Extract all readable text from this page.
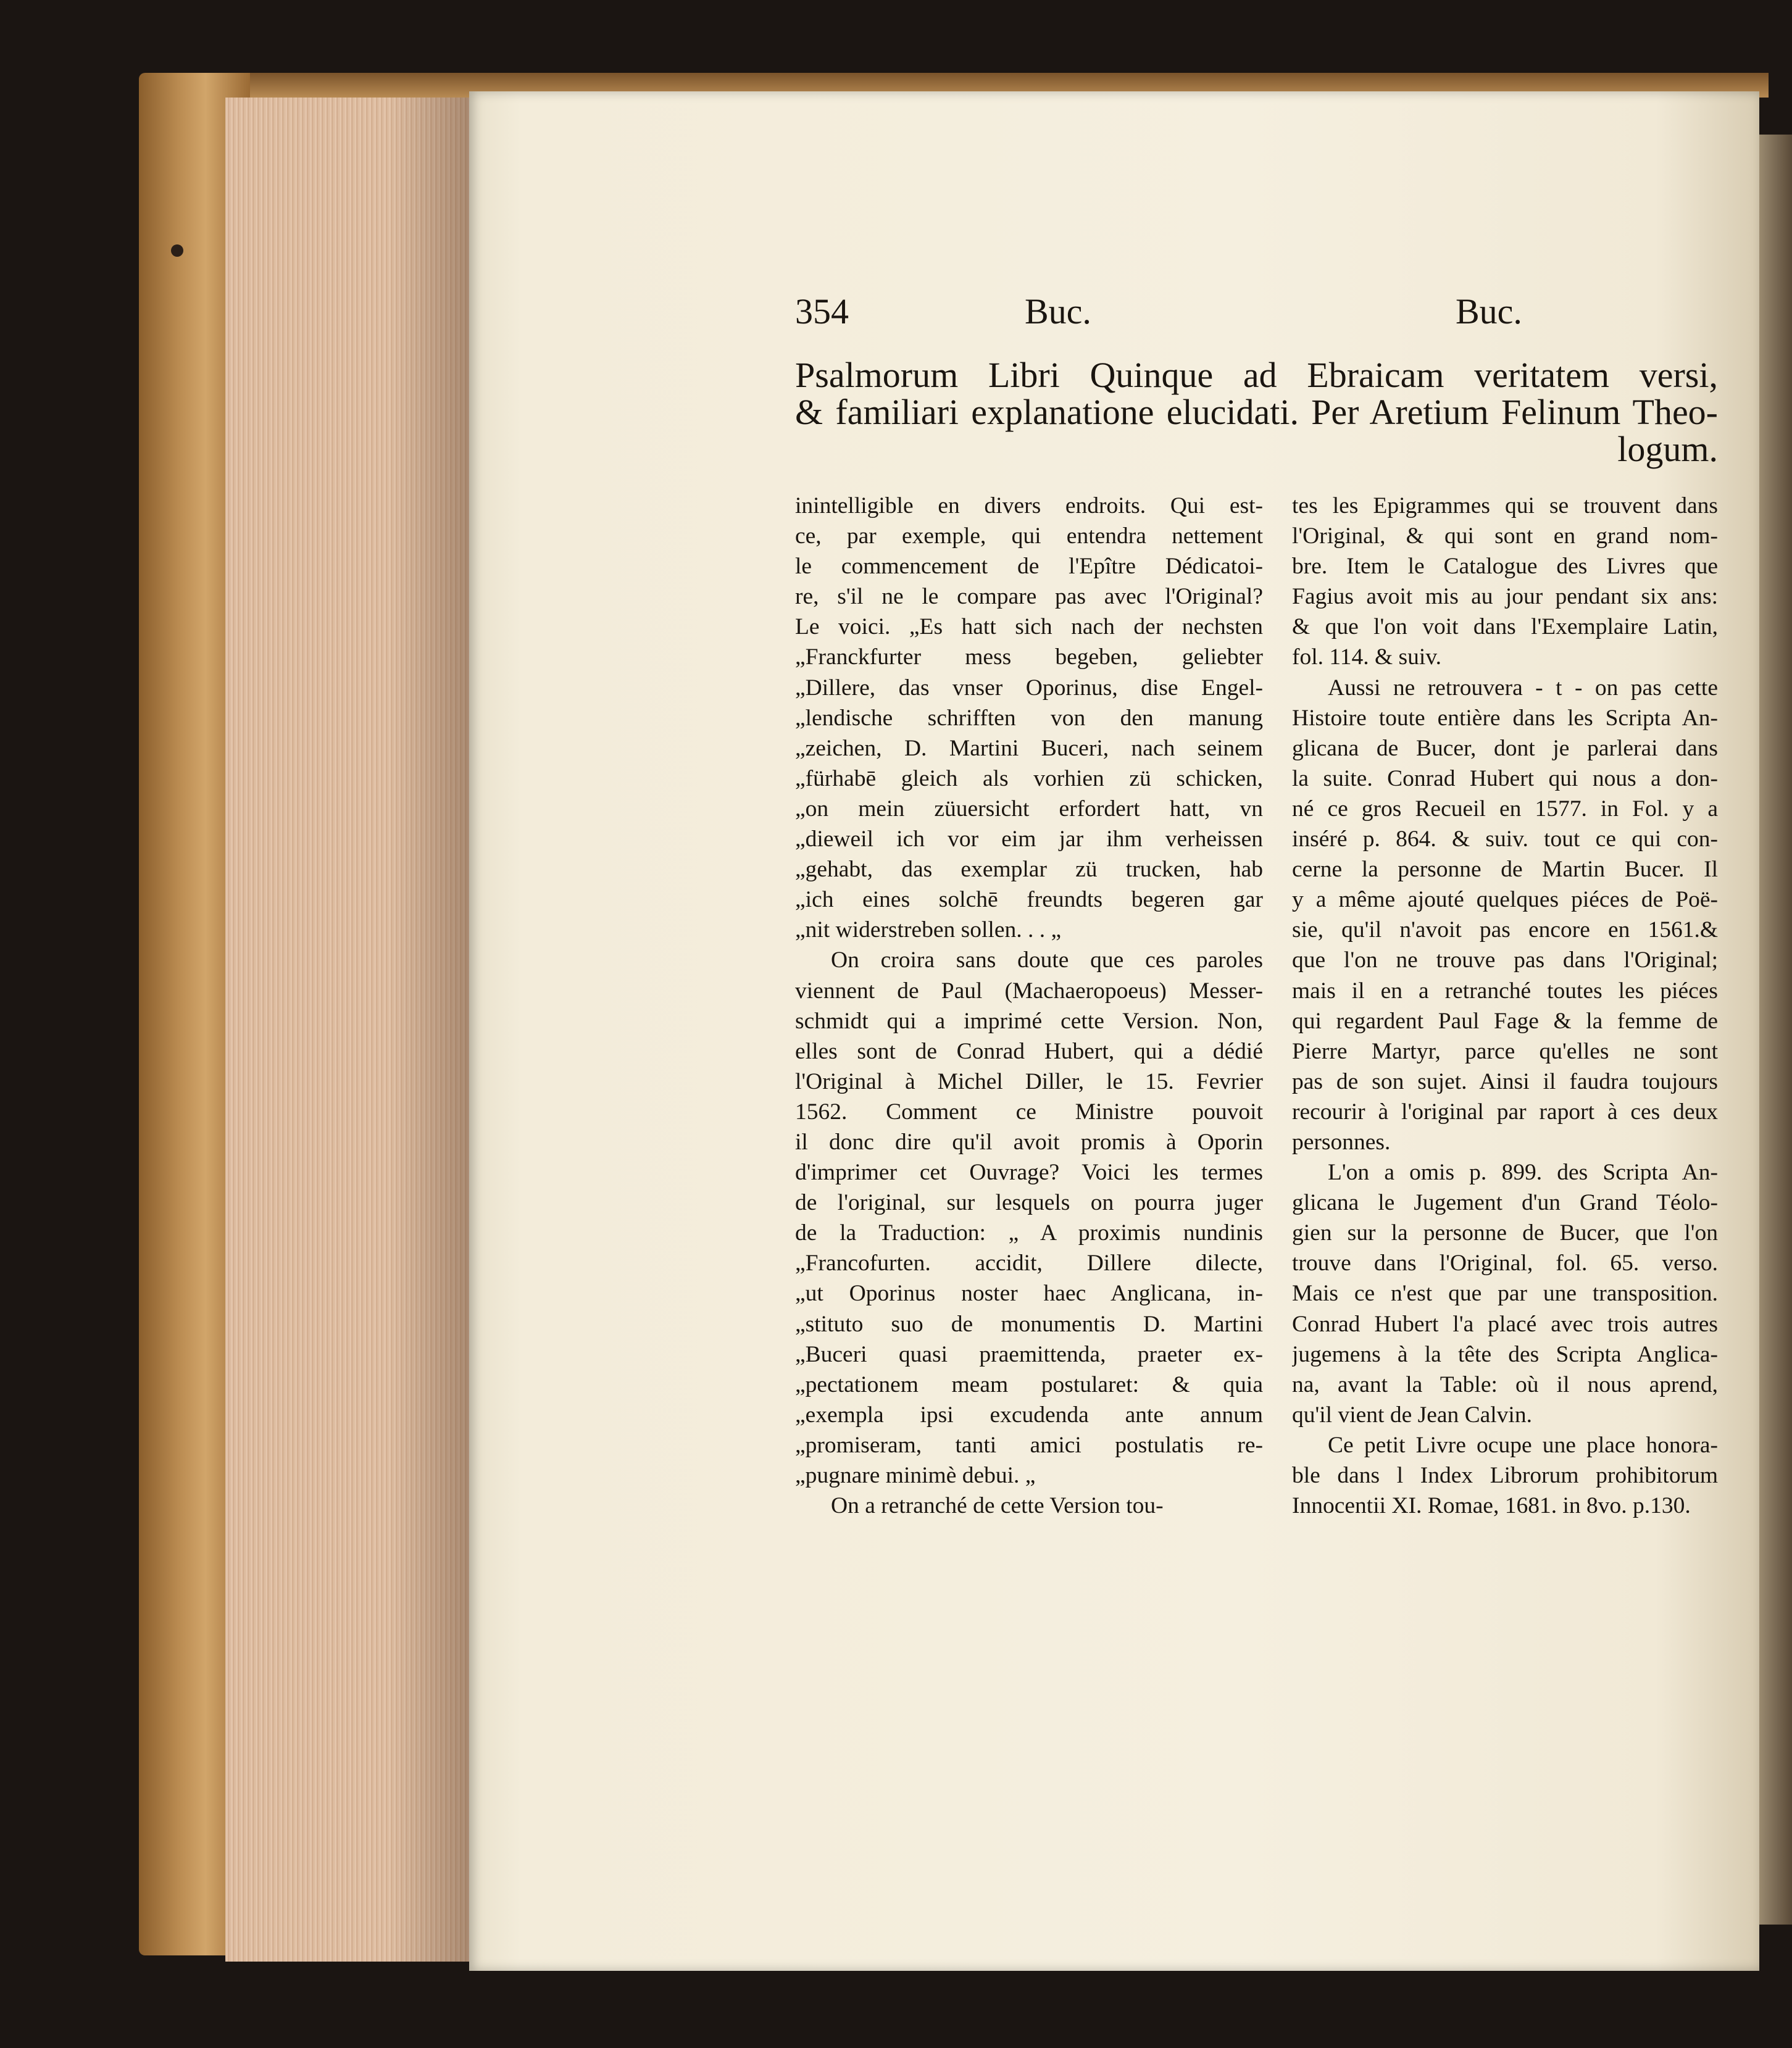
354	Buc.	Buc.
Psalmorum Libri Quinque ad Ebraicam veritatem versi,
& familiari explanatione elucidati. Per Aretium Felinum Theo-
logum.
inintelligible en divers endroits. Qui est-
ce, par exemple, qui entendra nettement
le commencement de l'Epître Dédicatoi-
re, s'il ne le compare pas avec l'Original?
Le voici. „Es hatt sich nach der nechsten
„Franckfurter mess begeben, geliebter
„Dillere, das vnser Oporinus, dise Engel-
„lendische schrifften von den manung
„zeichen, D. Martini Buceri, nach seinem
„fürhabē gleich als vorhien zü schicken,
„on mein züuersicht erfordert hatt, vn
„dieweil ich vor eim jar ihm verheissen
„gehabt, das exemplar zü trucken, hab
„ich eines solchē freundts begeren gar
„nit widerstreben sollen. . . „
On croira sans doute que ces paroles
viennent de Paul (Machaeropoeus) Messer-
schmidt qui a imprimé cette Version. Non,
elles sont de Conrad Hubert, qui a dédié
l'Original à Michel Diller, le 15. Fevrier
1562. Comment ce Ministre pouvoit
il donc dire qu'il avoit promis à Oporin
d'imprimer cet Ouvrage? Voici les termes
de l'original, sur lesquels on pourra juger
de la Traduction: „ A proximis nundinis
„Francofurten. accidit, Dillere dilecte,
„ut Oporinus noster haec Anglicana, in-
„stituto suo de monumentis D. Martini
„Buceri quasi praemittenda, praeter ex-
„pectationem meam postularet: & quia
„exempla ipsi excudenda ante annum
„promiseram, tanti amici postulatis re-
„pugnare minimè debui. „
On a retranché de cette Version tou-
tes les Epigrammes qui se trouvent dans
l'Original, & qui sont en grand nom-
bre. Item le Catalogue des Livres que
Fagius avoit mis au jour pendant six ans:
& que l'on voit dans l'Exemplaire Latin,
fol. 114. & suiv.
Aussi ne retrouvera - t - on pas cette
Histoire toute entière dans les Scripta An-
glicana de Bucer, dont je parlerai dans
la suite. Conrad Hubert qui nous a don-
né ce gros Recueil en 1577. in Fol. y a
inséré p. 864. & suiv. tout ce qui con-
cerne la personne de Martin Bucer. Il
y a même ajouté quelques piéces de Poë-
sie, qu'il n'avoit pas encore en 1561.&
que l'on ne trouve pas dans l'Original;
mais il en a retranché toutes les piéces
qui regardent Paul Fage & la femme de
Pierre Martyr, parce qu'elles ne sont
pas de son sujet. Ainsi il faudra toujours
recourir à l'original par raport à ces deux
personnes.
L'on a omis p. 899. des Scripta An-
glicana le Jugement d'un Grand Téolo-
gien sur la personne de Bucer, que l'on
trouve dans l'Original, fol. 65. verso.
Mais ce n'est que par une transposition.
Conrad Hubert l'a placé avec trois autres
jugemens à la tête des Scripta Anglica-
na, avant la Table: où il nous aprend,
qu'il vient de Jean Calvin.
Ce petit Livre ocupe une place honora-
ble dans l Index Librorum prohibitorum
Innocentii XI. Romae, 1681. in 8vo. p.130.
